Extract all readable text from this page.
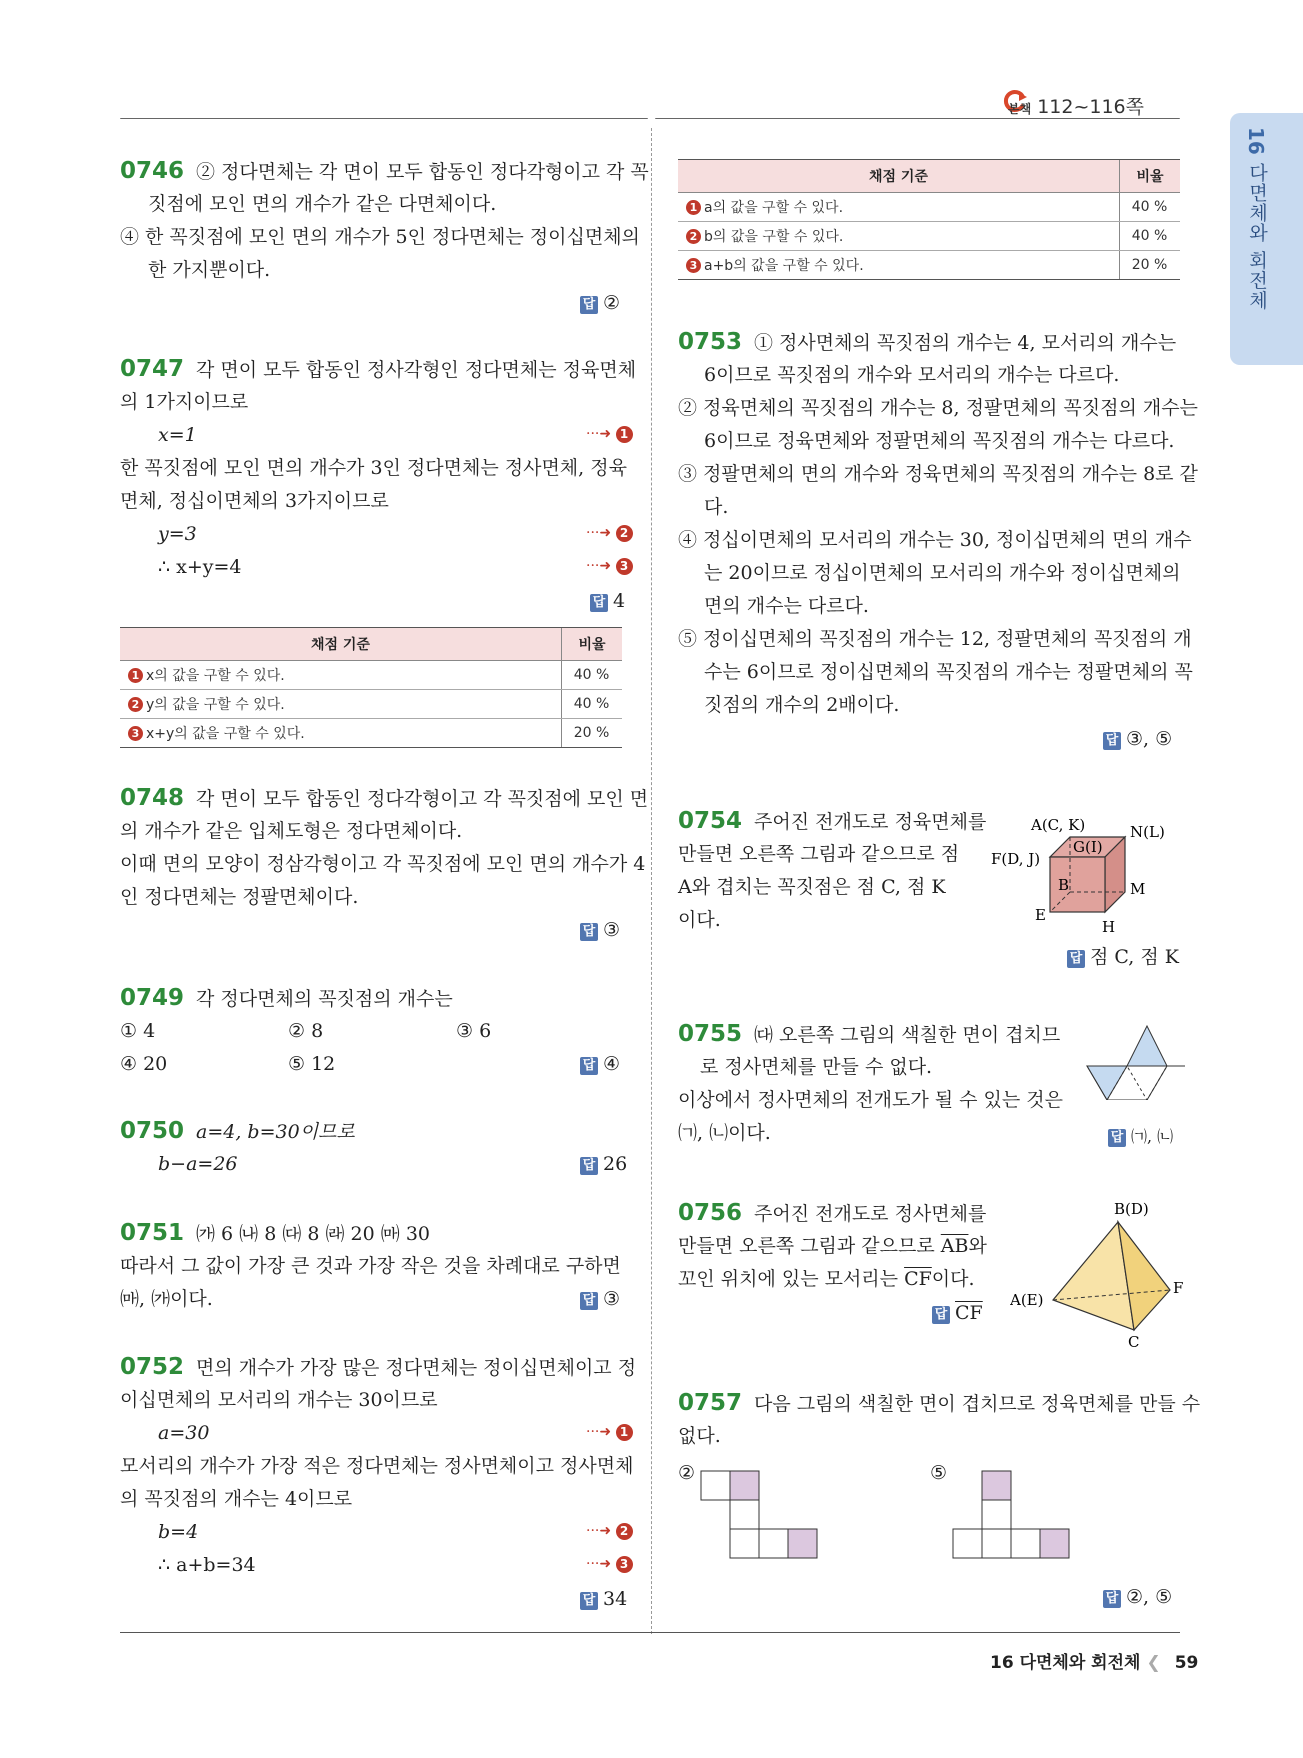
본책 112~116쪽
16
다면체와 회전체
0746 ② 정다면체는 각 면이 모두 합동인 정다각형이고 각 꼭
짓점에 모인 면의 개수가 같은 다면체이다.
④ 한 꼭짓점에 모인 면의 개수가 5인 정다면체는 정이십면체의
한 가지뿐이다.
답 ②
0747 각 면이 모두 합동인 정사각형인 정다면체는 정육면체
의 1가지이므로
x=1	···➜ 1
한 꼭짓점에 모인 면의 개수가 3인 정다면체는 정사면체, 정육
면체, 정십이면체의 3가지이므로
y=3	···➜ 2
∴ x+y=4	···➜ 3
답 4
채점 기준	비율
1 x의 값을 구할 수 있다.	40 %
2 y의 값을 구할 수 있다.	40 %
3 x+y의 값을 구할 수 있다.	20 %
0748 각 면이 모두 합동인 정다각형이고 각 꼭짓점에 모인 면
의 개수가 같은 입체도형은 정다면체이다.
이때 면의 모양이 정삼각형이고 각 꼭짓점에 모인 면의 개수가 4
인 정다면체는 정팔면체이다.
답 ③
0749 각 정다면체의 꼭짓점의 개수는
① 4	② 8	③ 6
④ 20	⑤ 12	답 ④
0750 a=4, b=30이므로
b−a=26	답 26
0751 ㈎ 6 ㈏ 8 ㈐ 8 ㈑ 20 ㈒ 30
따라서 그 값이 가장 큰 것과 가장 작은 것을 차례대로 구하면
㈒, ㈎이다.	답 ③
0752 면의 개수가 가장 많은 정다면체는 정이십면체이고 정
이십면체의 모서리의 개수는 30이므로
a=30	···➜ 1
모서리의 개수가 가장 적은 정다면체는 정사면체이고 정사면체
의 꼭짓점의 개수는 4이므로
b=4	···➜ 2
∴ a+b=34	···➜ 3
답 34
채점 기준	비율
1 a의 값을 구할 수 있다.	40 %
2 b의 값을 구할 수 있다.	40 %
3 a+b의 값을 구할 수 있다.	20 %
0753 ① 정사면체의 꼭짓점의 개수는 4, 모서리의 개수는
6이므로 꼭짓점의 개수와 모서리의 개수는 다르다.
② 정육면체의 꼭짓점의 개수는 8, 정팔면체의 꼭짓점의 개수는
6이므로 정육면체와 정팔면체의 꼭짓점의 개수는 다르다.
③ 정팔면체의 면의 개수와 정육면체의 꼭짓점의 개수는 8로 같
다.
④ 정십이면체의 모서리의 개수는 30, 정이십면체의 면의 개수
는 20이므로 정십이면체의 모서리의 개수와 정이십면체의
면의 개수는 다르다.
⑤ 정이십면체의 꼭짓점의 개수는 12, 정팔면체의 꼭짓점의 개
수는 6이므로 정이십면체의 꼭짓점의 개수는 정팔면체의 꼭
짓점의 개수의 2배이다.
답 ③, ⑤
0754 주어진 전개도로 정육면체를
만들면 오른쪽 그림과 같으므로 점
A와 겹치는 꼭짓점은 점 C, 점 K
이다.
A(C, K)	N(L)
F(D, J)
G(I)
B	M
E
H
답 점 C, 점 K
0755 ㈐ 오른쪽 그림의 색칠한 면이 겹치므
로 정사면체를 만들 수 없다.
이상에서 정사면체의 전개도가 될 수 있는 것은
㈀, ㈁이다.	답 ㈀, ㈁
0756 주어진 전개도로 정사면체를
만들면 오른쪽 그림과 같으므로 $\overline{AB}$와
꼬인 위치에 있는 모서리는 $\overline{CF}$이다.
B(D)
A(E)
F
C
답 $\overline{CF}$
0757 다음 그림의 색칠한 면이 겹치므로 정육면체를 만들 수
없다.
②	⑤
답 ②, ⑤
16 다면체와 회전체 ❮ 59
